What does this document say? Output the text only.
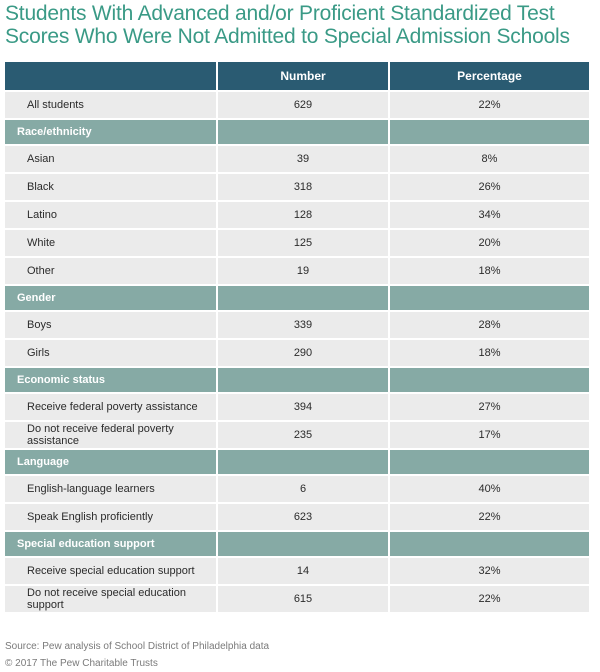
Students With Advanced and/or Proficient Standardized Test Scores Who Were Not Admitted to Special Admission Schools
	Number	Percentage
All students	629	22%
Race/ethnicity		
Asian	39	8%
Black	318	26%
Latino	128	34%
White	125	20%
Other	19	18%
Gender		
Boys	339	28%
Girls	290	18%
Economic status		
Receive federal poverty assistance	394	27%
Do not receive federal poverty assistance	235	17%
Language		
English-language learners	6	40%
Speak English proficiently	623	22%
Special education support		
Receive special education support	14	32%
Do not receive special education support	615	22%
Source: Pew analysis of School District of Philadelphia data
© 2017 The Pew Charitable Trusts
